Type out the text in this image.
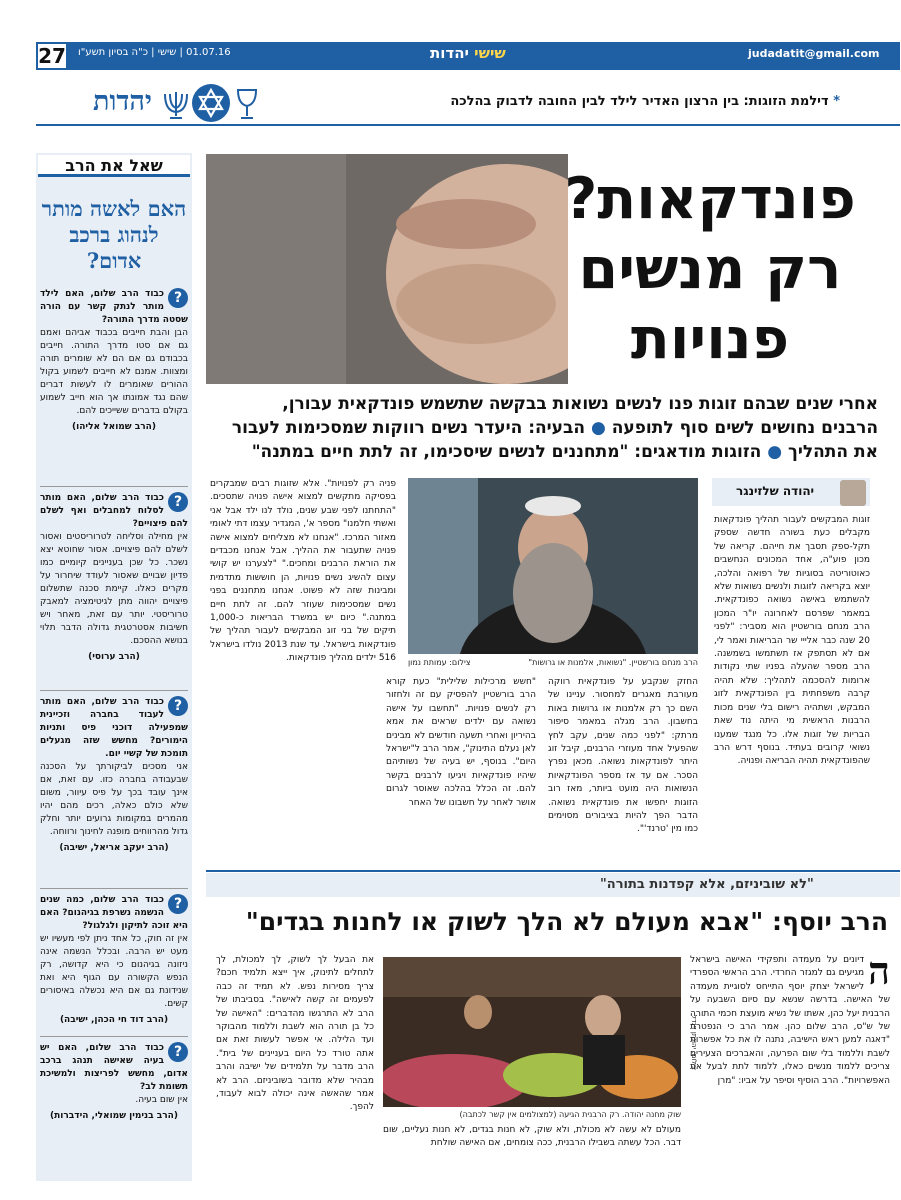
27 01.07.16 | שישי | כ"ה בסיון תשע"ו	שישי יהדות	judadatit@gmail.com
יהדות	* דילמת הזוגות: בין הרצון האדיר לילד לבין החובה לדבוק בהלכה
שאל את הרב
האם לאשה מותר לנהוג ברכב אדום?
?
כבוד הרב שלום, האם לילד מותר לנתק קשר עם הורה שסטה מדרך התורה?
הבן והבת חייבים בכבוד אביהם ואמם גם אם סטו מדרך התורה. חייבים בכבודם גם אם הם לא שומרים תורה ומצוות. אמנם לא חייבים לשמוע בקול ההורים שאומרים לו לעשות דברים שהם נגד אמונתו אך הוא חייב לשמוע בקולם בדברים ששייכים להם.
(הרב שמואל אליהו)
?
כבוד הרב שלום, האם מותר לסלוח למחבלים ואף לשלם להם פיצויים?
אין מחילה וסליחה לטרוריסטים ואסור לשלם להם פיצויים. אסור שחוטא יצא נשכר. כל שכן בעניינים קיומיים כמו פדיון שבויים שאסור לעודד שיחרור על מקרים כאלו. קיימת סכנה שתשלום פיצויים יהווה מתן לגיטימציה למאבק טרוריסטי. יותר עם זאת, מאחר ויש חשיבות אסטרטגית גדולה הדבר תלוי בנושא ההסכם.
(הרב ערוסי)
?
כבוד הרב שלום, האם מותר לעבוד בחברה וזכיינית שמפעילה דוכני פיס ותניות הימורים? מחשש שזה מגעלים תומכת של קשיי יום.
אני מסכים לביקורתך על הסכנה שבעבודה בחברה כזו. עם זאת, אם אינך עובד בכך על פיס עיוור, משום שלא כולם כאלה, רכים מהם יהיו מהמרים במקומות גרועים יותר וחלק גדול מהרווחים מופנה לחינוך ורווחה.
(הרב יעקב אריאל, ישיבה)
?
כבוד הרב שלום, כמה שנים הנשמה נשרפת בגיהנום? האם היא זוכה לתיקון ולגלגול?
אין זה חוק, כל אחד ניתן לפי מעשיו יש מעט יש הרבה. ובכלל הנשמה אינה ניזונה בגיהנום כי היא קדושה, רק הנפש הקשורה עם הגוף היא ואת שנידונת גם אם היא נכשלה באיסורים קשים.
(הרב דוד חי הכהן, ישיבה)
?
כבוד הרב שלום, האם יש בעיה שאישה תנהג ברכב אדום, מחשש לפריצות ולמשיכת תשומת לב?
אין שום בעיה.
(הרב בנימין שמואלי, הידברות)
פונדקאות? רק מנשים פנויות
אחרי שנים שבהם זוגות פנו לנשים נשואות בבקשה שתשמש פונדקאית עבורן,
הרבנים נחושים לשים סוף לתופעה ● הבעיה: היעדר נשים רווקות שמסכימות לעבור
את התהליך ● הזוגות מודאגים: "מתחננים לנשים שיסכימו, זה לתת חיים במתנה"
יהודה שלזינגר
זוגות המבקשים לעבור תהליך פונדקאות מקבלים כעת בשורה חדשה שספק תקל-ספק תסבך את חייהם. קריאה של מכון פוע"ה, אחד המכונים הנחשבים כאוטוריטה בסוגיות של רפואה והלכה, יוצא בקריאה לזוגות ולנשים נשואות שלא להשתמש באישה נשואה כפונדקאית. במאמר שפרסם לאחרונה יו"ר המכון הרב מנחם בורשטיין הוא מסביר: "לפני 20 שנה כבר אלייי שר הבריאות ואמר לי, אם לא תסתפק אז תשתמשו בשמשנה. הרב מספר שהעלה בפניו שתי נקודות ארומות להסכמה לתהליך: שלא תהיה קרבה משפחתית בין הפונדקאית לזוג המבקש, ושתהיה רישום בלי שנים מכות הרבנות הראשית מי היתה נוד שאת הבריות של זוגות אלו. כל מנגד שמענו נשואי קרובים בעתיד. בנוסף דרש הרב שהפונדקאית תהיה הבריאה ופנויה.
הרב מנחם בורשטיין. "נשואות, אלמנות או גרושות"
צילום: עמותת נמון
החזק שנקבע על פונדקאית רווקה מעורבת מאגרים למחסור. עניינו של השם כך רק אלמנות או גרושות באות בחשבון. הרב מגלה במאמר סיפור מרתק: "לפני כמה שנים, עקב לחץ שהפעיל אחד מעוזרי הרבנים, קיבל זוג היתר לפונדקאות נשואה. מכאן נפרץ הסכר. אם עד אז מספר הפונדקאיות הנשואות היה מועט ביותר, מאז רוב הזוגות יחפשו את פונדקאית נשואה. הדבר הפך להיות בציבורים מסוימים כמו מין 'טרנד'".
"חשש מרכילות שלילית" כעת קורא הרב בורשטיין להפסיק עם זה ולחזור רק לנשים פנויות. "תחשבו על אישה נשואה עם ילדים שראים את אמא בהיריון ואחרי תשעה חודשים לא מבינים לאן נעלם התינוק", אמר הרב ל"ישראל היום". בנוסף, יש בעיה של נשותיהם שיהיו פונדקאיות ויגיעו לרבנים בקשר להם. זה הכלל בהלכה שאוסר לגרום אושר לאחר על חשבונו של האחר
פניה רק לפנויות". אלא שזוגות רבים שמבקרים בפסיקה מתקשים למצוא אישה פנויה שתסכים. "התחתנו לפני שבע שנים, נולד לנו ילד אבל אני ואשתי חלמנו" מספר א', המגדיר עצמו דתי לאומי מאזור המרכז. "אנחנו לא מצליחים למצוא אישה פנויה שתעבור את ההליך. אבל אנחנו מכבדים את הוראת הרבנים ומחכים." "לצערנו יש קושי עצום להשיג נשים פנויות, הן חוששות מתדמית ומבינות שזה לא פשוט. אנחנו מתחננים בפני נשים שמסכימות שעוזר להם. זה לתת חיים במתנה." כיום יש במשרד הבריאות כ-1,000 תיקים של בני זוג המבקשים לעבור תהליך של פונדקאות בישראל. עד שנת 2013 נולדו בישראל 516 ילדים מהליך פונדקאות.
"לא שוביניזם, אלא קפדנות בתורה"
הרב יוסף: "אבא מעולם לא הלך לשוק או לחנות בגדים"
ה
דיונים על מעמדה ותפקידי האישה בישראל מגיעים גם למגזר החרדי. הרב הראשי הספרדי לישראל יצחק יוסף התייחס לסוגיית מעמדה של האישה. בדרשה שנשא עם סיום השבעה על הרבנית יעל כהן, אשתו של נשיא מועצת חכמי התורה של ש"ס, הרב שלום כהן. אמר הרב כי הנפטרת "דאגה למען ראש הישיבה, נתנה לו את כל אפשרות לשבת וללמוד בלי שום הפרעה, והאברכים הצעירים צריכים ללמוד מנשים כאלו, ללמוד לתת לבעל את האפשרויות". הרב הוסיף וסיפר על אביו: "מרן
שוק מחנה יהודה. רק הרבנית הגיעה (למצולמים אין קשר לכתבה)
צילום: יהונתן זינדל
מעולם לא עשה לא מכולת, ולא שוק, לא חנות בגדים, לא חנות נעליים, שום דבר. הכל עשתה בשבילו הרבנית, ככה צומחים, אם האישה שולחת
את הבעל לך לשוק, לך למכולת, לך לתחלים לתינוק, איך ייצא תלמיד חכם? צריך מסירות נפש. לא תמיד זה כבה לפעמים זה קשה לאישה". בסביבתו של הרב לא התרגשו מהדברים: "האישה של כל בן תורה הוא לשבת וללמוד מהבוקר ועד הלילה. אי אפשר לעשות זאת אם אתה טורד כל היום בעניינים של בית". הרב מדבר על תלמידים של ישיבה והרב מבהיר שלא מדובר בשוביניזם. הרב לא אמר שהאשה אינה יכולה לבוא לעבוד, להפך.
